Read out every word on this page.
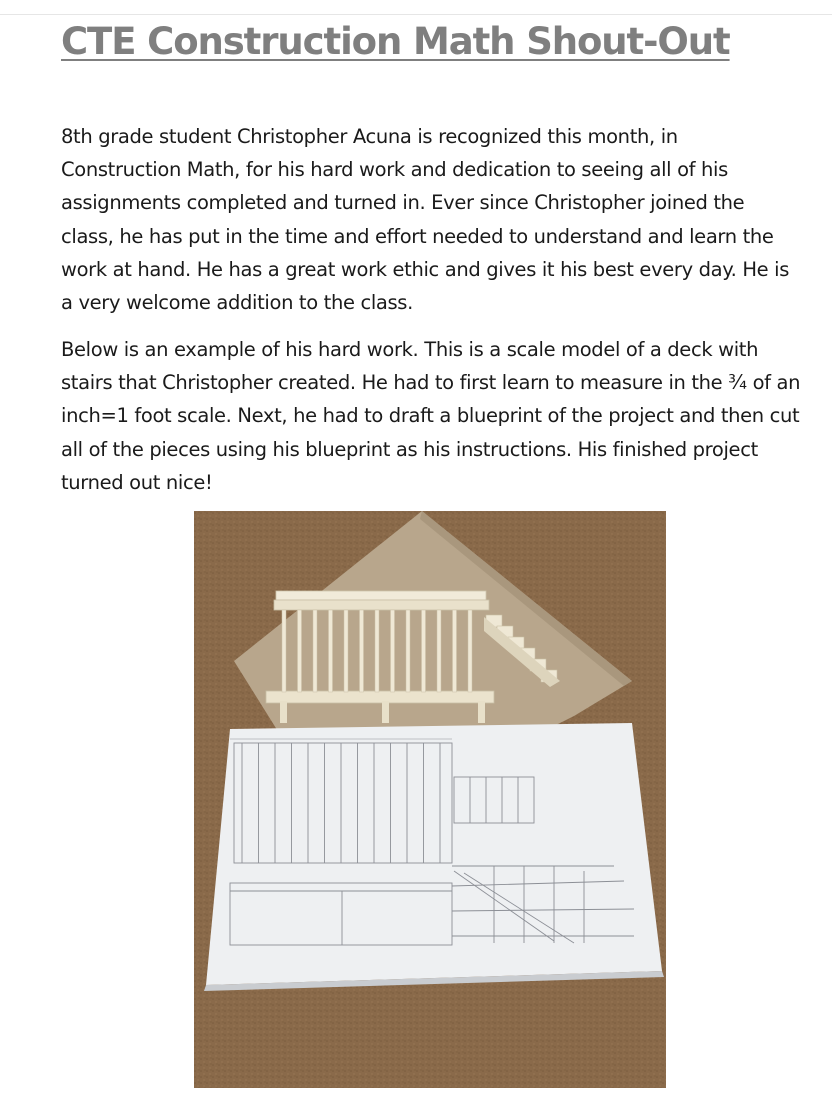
CTE Construction Math Shout-Out

8th grade student Christopher Acuna is recognized this month, in Construction Math, for his hard work and dedication to seeing all of his assignments completed and turned in. Ever since Christopher joined the class, he has put in the time and effort needed to understand and learn the work at hand. He has a great work ethic and gives it his best every day. He is a very welcome addition to the class.

Below is an example of his hard work. This is a scale model of a deck with stairs that Christopher created. He had to first learn to measure in the ¾ of an inch=1 foot scale. Next, he had to draft a blueprint of the project and then cut all of the pieces using his blueprint as his instructions. His finished project turned out nice!
